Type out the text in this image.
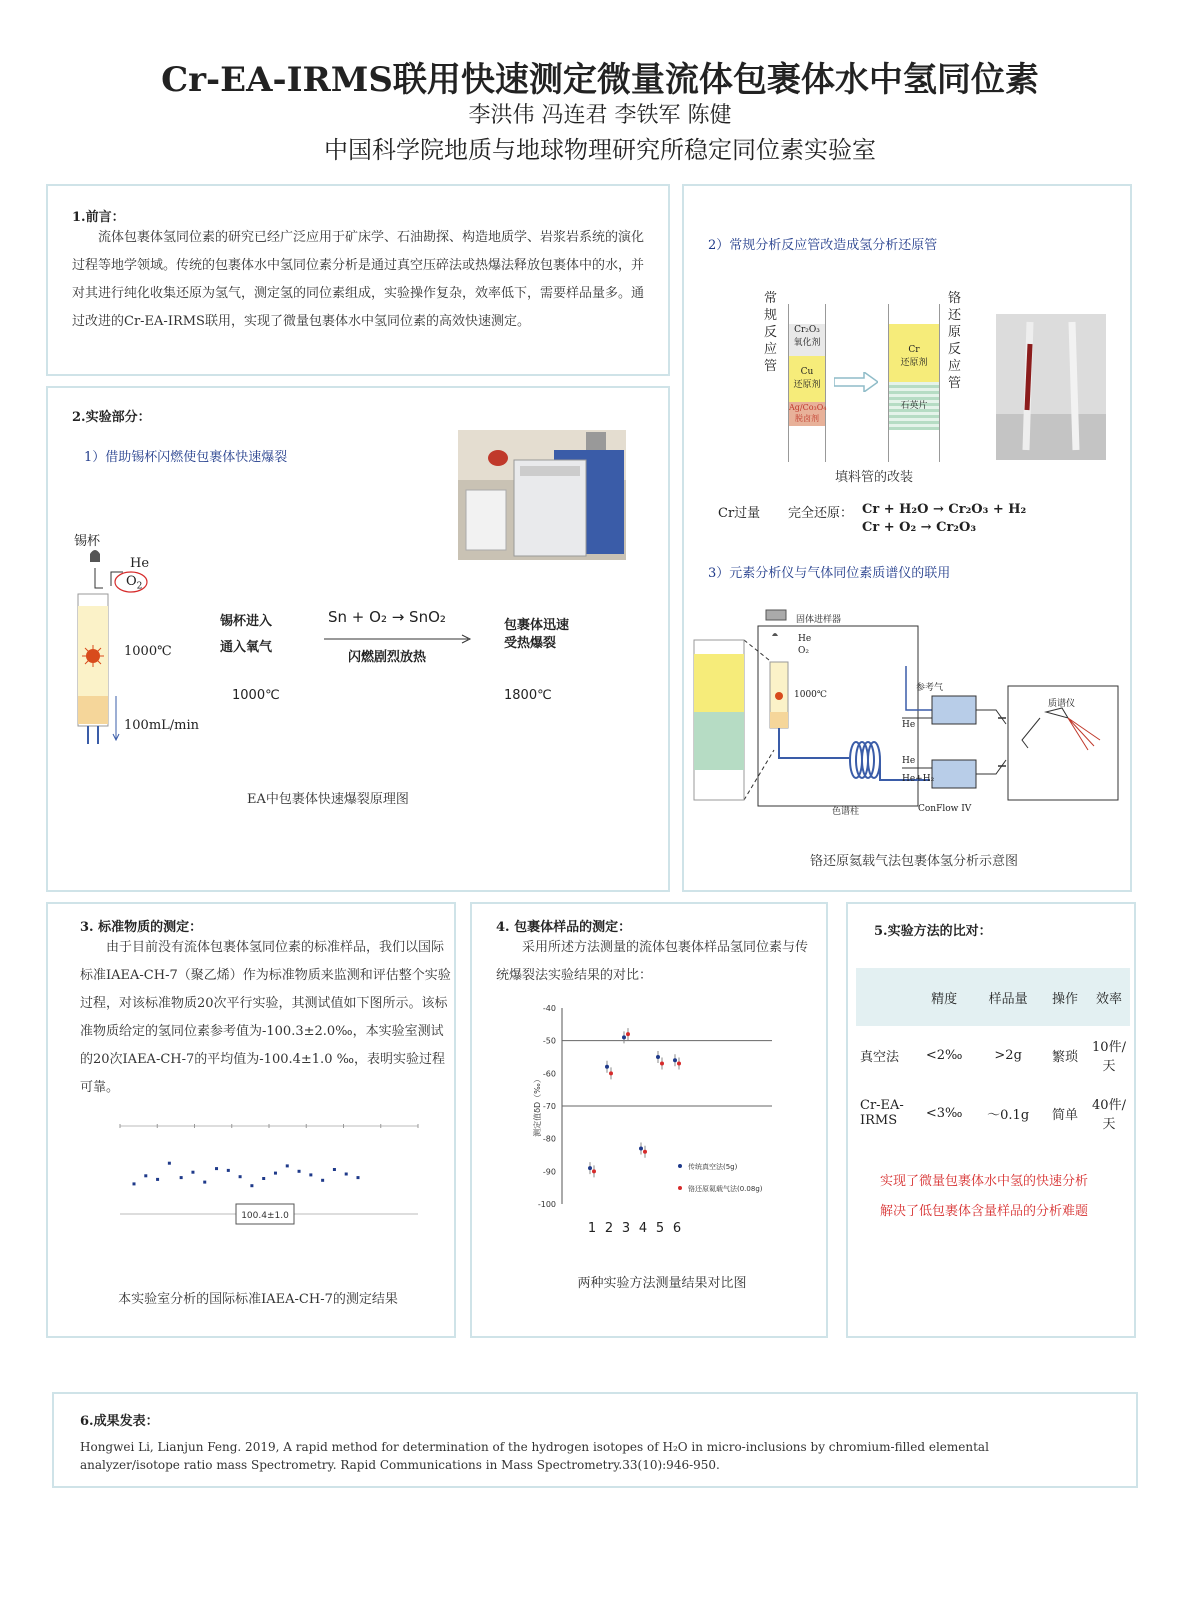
Cr-EA-IRMS联用快速测定微量流体包裹体水中氢同位素
李洪伟 冯连君 李铁军 陈健
中国科学院地质与地球物理研究所稳定同位素实验室
1.前言：

流体包裹体氢同位素的研究已经广泛应用于矿床学、石油勘探、构造地质学、岩浆岩系统的演化过程等地学领域。传统的包裹体水中氢同位素分析是通过真空压碎法或热爆法释放包裹体中的水，并对其进行纯化收集还原为氢气，测定氢的同位素组成，实验操作复杂，效率低下，需要样品量多。通过改进的Cr-EA-IRMS联用，实现了微量包裹体水中氢同位素的高效快速测定。

2.实验部分：
1）借助锡杯闪燃使包裹体快速爆裂
锡杯
He
$O_2$
1000℃
100mL/min
锡杯进入
通入氧气
Sn + O₂ → SnO₂
闪燃剧烈放热
包裹体迅速
受热爆裂
1000℃	1800℃
EA中包裹体快速爆裂原理图
2）常规分析反应管改造成氢分析还原管
常规反应管
铬还原反应管
Cr₂O₃
氧化剂
Cu
还原剂
Ag/Co₃O₄
脱卤剂
Cr
还原剂
石英片
填料管的改装
Cr过量 完全还原： Cr + H₂O → Cr₂O₃ + H₂
Cr + O₂ → Cr₂O₃
3）元素分析仪与气体同位素质谱仪的联用
固体进样器
He
O₂
1000℃
参考气
He
He
He+H₂
色谱柱	ConFlow IV
质谱仪
铬还原氦载气法包裹体氢分析示意图
3. 标准物质的测定：

由于目前没有流体包裹体氢同位素的标准样品，我们以国际标准IAEA-CH-7（聚乙烯）作为标准物质来监测和评估整个实验过程，对该标准物质20次平行实验，其测试值如下图所示。该标准物质给定的氢同位素参考值为-100.3±2.0‰，本实验室测试的20次IAEA-CH-7的平均值为-100.4±1.0 ‰，表明实验过程可靠。

100.4±1.0
本实验室分析的国际标准IAEA-CH-7的测定结果
4. 包裹体样品的测定：

采用所述方法测量的流体包裹体样品氢同位素与传统爆裂法实验结果的对比：

-40
-50
-60
-70
-80
-90
-100
测定值δD（‰）
1 2 3 4 5 6
传统真空法(5g)
铬还原氦载气法(0.08g)
两种实验方法测量结果对比图
5.实验方法的比对：
	精度	样品量	操作	效率
真空法	<2‰	>2g	繁琐	10件/天
Cr-EA-IRMS	<3‰	～0.1g	简单	40件/天
实现了微量包裹体水中氢的快速分析
解决了低包裹体含量样品的分析难题
6.成果发表：
Hongwei Li, Lianjun Feng. 2019, A rapid method for determination of the hydrogen isotopes of H₂O in micro-inclusions by chromium-filled elemental analyzer/isotope ratio mass Spectrometry. Rapid Communications in Mass Spectrometry.33(10):946-950.
